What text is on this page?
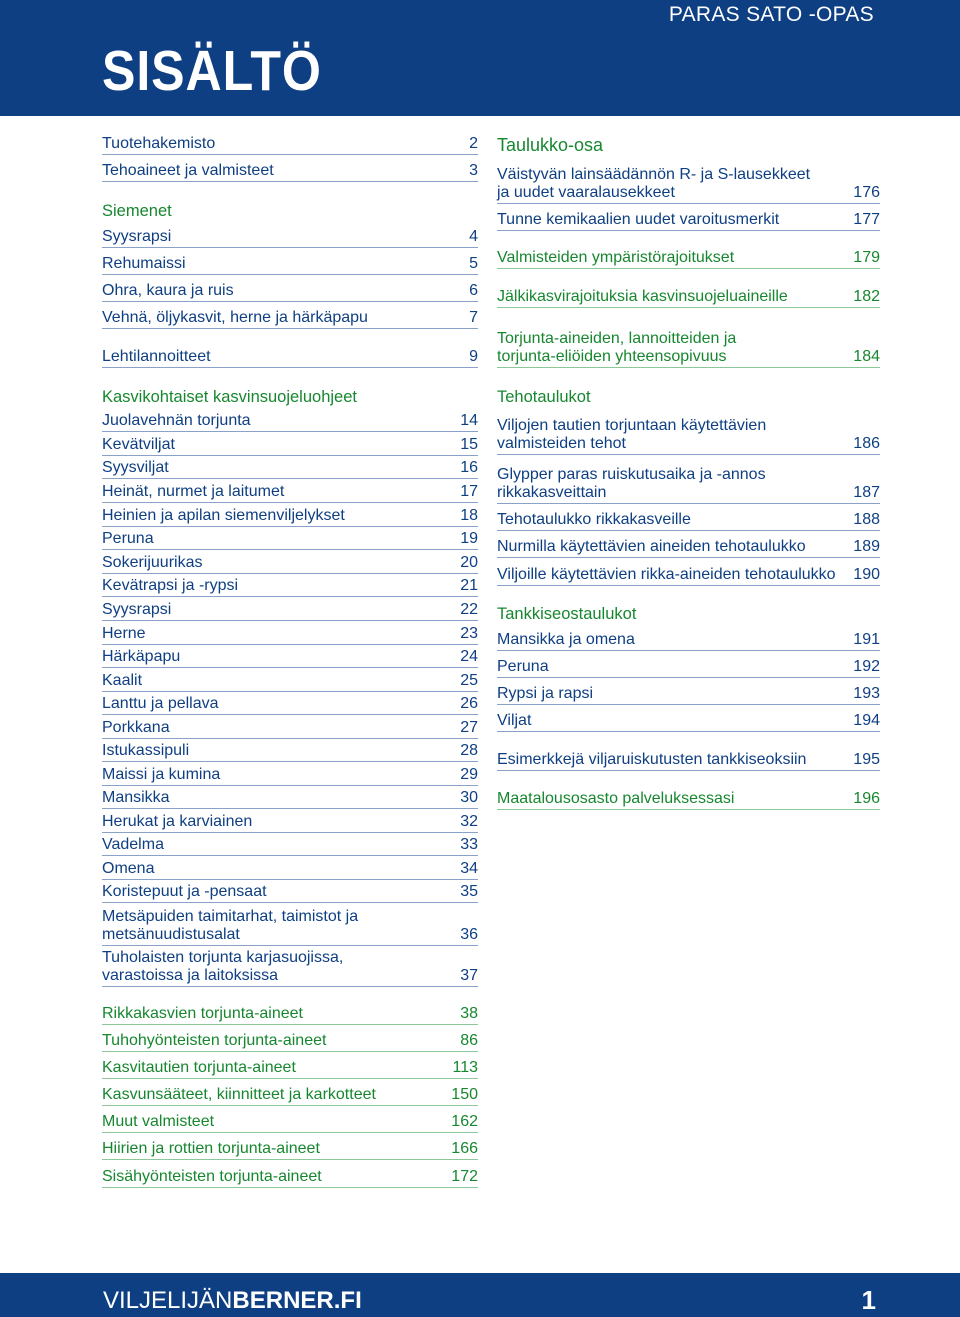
PARAS SATO -OPAS
SISÄLTÖ
Tuotehakemisto	2
Tehoaineet ja valmisteet	3
Siemenet
Syysrapsi	4
Rehumaissi	5
Ohra, kaura ja ruis	6
Vehnä, öljykasvit, herne ja härkäpapu	7
Lehtilannoitteet	9
Kasvikohtaiset kasvinsuojeluohjeet
Juolavehnän torjunta	14
Kevätviljat	15
Syysviljat	16
Heinät, nurmet ja laitumet	17
Heinien ja apilan siemenviljelykset	18
Peruna	19
Sokerijuurikas	20
Kevätrapsi ja -rypsi	21
Syysrapsi	22
Herne	23
Härkäpapu	24
Kaalit	25
Lanttu ja pellava	26
Porkkana	27
Istukassipuli	28
Maissi ja kumina	29
Mansikka	30
Herukat ja karviainen	32
Vadelma	33
Omena	34
Koristepuut ja -pensaat	35
Metsäpuiden taimitarhat, taimistot ja
metsänuudistusalat	36
Tuholaisten torjunta karjasuojissa,
varastoissa ja laitoksissa	37
Rikkakasvien torjunta-aineet	38
Tuhohyönteisten torjunta-aineet	86
Kasvitautien torjunta-aineet	113
Kasvunsääteet, kiinnitteet ja karkotteet	150
Muut valmisteet	162
Hiirien ja rottien torjunta-aineet	166
Sisähyönteisten torjunta-aineet	172
Taulukko-osa
Väistyvän lainsäädännön R- ja S-lausekkeet
ja uudet vaaralausekkeet	176
Tunne kemikaalien uudet varoitusmerkit	177
Valmisteiden ympäristörajoitukset	179
Jälkikasvirajoituksia kasvinsuojeluaineille	182
Torjunta-aineiden, lannoitteiden ja
torjunta-eliöiden yhteensopivuus	184
Tehotaulukot
Viljojen tautien torjuntaan käytettävien
valmisteiden tehot	186
Glypper paras ruiskutusaika ja -annos
rikkakasveittain	187
Tehotaulukko rikkakasveille	188
Nurmilla käytettävien aineiden tehotaulukko	189
Viljoille käytettävien rikka-aineiden tehotaulukko	190
Tankkiseostaulukot
Mansikka ja omena	191
Peruna	192
Rypsi ja rapsi	193
Viljat	194
Esimerkkejä viljaruiskutusten tankkiseoksiin	195
Maatalousosasto palveluksessasi	196
VILJELIJÄNBERNER.FI	1
